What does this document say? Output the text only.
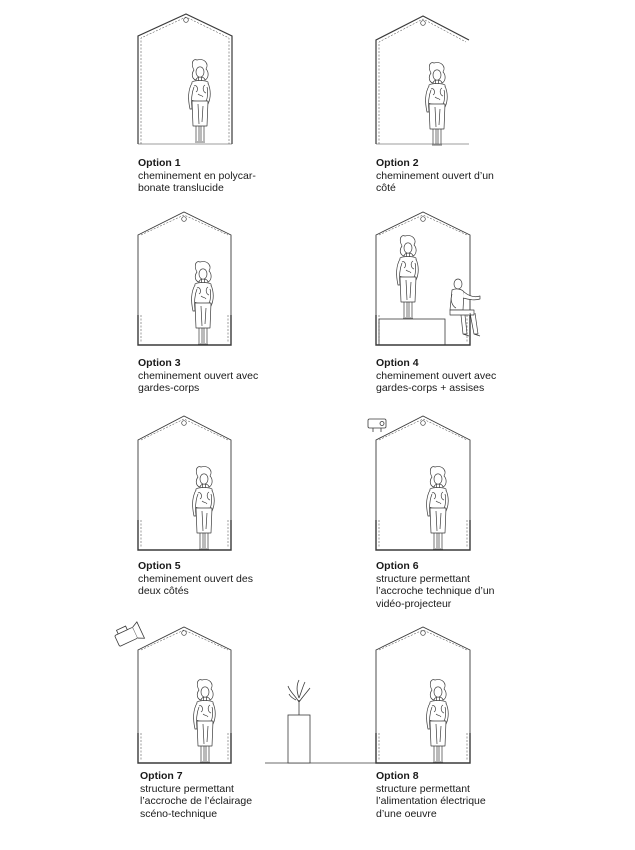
Option 1
cheminement en polycar-
bonate translucide
Option 2
cheminement ouvert d’un
côté
Option 3
cheminement ouvert avec
gardes-corps
Option 4
cheminement ouvert avec
gardes-corps + assises
Option 5
cheminement ouvert des
deux côtés
Option 6
structure permettant
l’accroche technique d’un
vidéo-projecteur
Option 7
structure permettant
l’accroche de l’éclairage
scéno-technique
Option 8
structure permettant
l’alimentation électrique
d’une oeuvre
